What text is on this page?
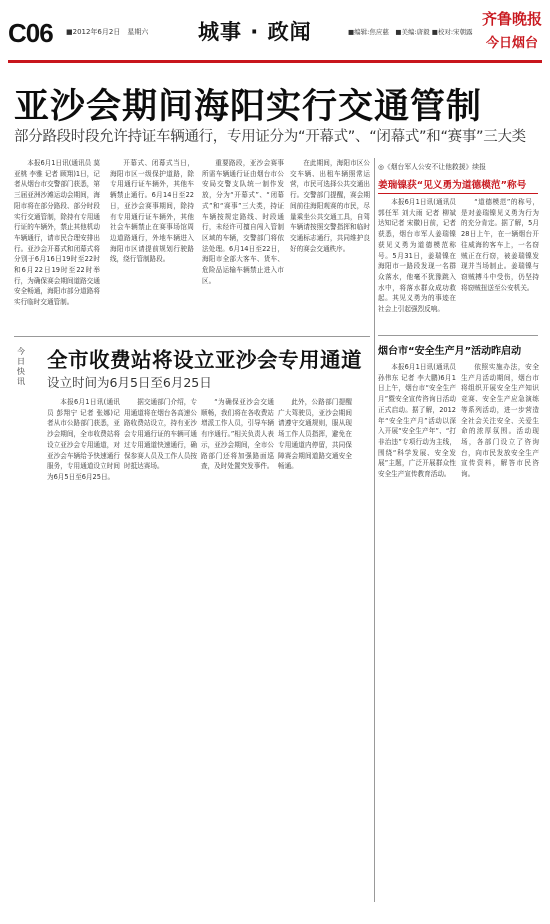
C06 ■2012年6月2日　星期六 城事 · 政闻	■编辑:焦应慈　■美编:唐毅 ■校对:宋朝露
齐鲁晚报
今日烟台
亚沙会期间海阳实行交通管制
部分路段时段允许持证车辆通行，专用证分为“开幕式”、“闭幕式”和“赛事”三大类

本报6月1日讯(通讯员 莫亚桃 李雅 记者 顾翔)1日，记者从烟台市交警部门获悉，第三届亚洲沙滩运动会期间，海阳市将在部分路段、部分时段实行交通管制，除持有专用通行证的车辆外，禁止其他机动车辆通行，请市民合理安排出行。亚沙会开幕式和闭幕式将分别于6月16日19时至22时和6月22日19时至22时举行，为确保赛会期间道路交通安全畅通，海阳市部分道路将实行临时交通管制。

开幕式、闭幕式当日，海阳市区一级保护道路，除专用通行证车辆外，其他车辆禁止通行。6月14日至22日，亚沙会赛事期间，除持有专用通行证车辆外，其他社会车辆禁止在赛事场馆周边道路通行，外地车辆进入海阳市区请提前规划行驶路线，绕行管制路段。

重要路段，亚沙会赛事所需车辆通行证由烟台市公安局交警支队统一制作发放，分为“开幕式”、“闭幕式”和“赛事”三大类，持证车辆按规定路线、时段通行，未经许可擅自闯入管制区域的车辆，交警部门将依法处理。6月14日至22日，海阳市全部大客车、货车、危险品运输车辆禁止进入市区。

在此期间，海阳市区公交车辆、出租车辆照常运营，市民可选择公共交通出行。交警部门提醒，赛会期间前往海阳观赛的市民，尽量乘坐公共交通工具，自驾车辆请按照交警指挥和临时交通标志通行，共同维护良好的赛会交通秩序。

◎《烟台军人公安不让他救援》续报
姜瑞镍获“见义勇为道德模范”称号

本报6月1日讯(通讯员 郭任军 刘大雨 记者 柳斌 达知记者 宋徽)日前，记者获悉，烟台市军人姜瑞镍获见义勇为道德模范称号。5月31日，姜瑞镍在海阳市一路段发现一名群众落水，他毫不犹豫跳入水中，将落水群众成功救起。其见义勇为的事迹在社会上引起强烈反响。

“道德模范”的称号，是对姜瑞镍见义勇为行为的充分肯定。据了解，5月28日上午，在一辆烟台开往威海的客车上，一名窃贼正在行窃，被姜瑞镍发现并当场制止。姜瑞镍与窃贼搏斗中受伤，仍坚持将窃贼扭送至公安机关。

烟台市“安全生产月”活动昨启动

本报6月1日讯(通讯员 孙伟东 记者 李大鹏)6月1日上午，烟台市“安全生产月”暨安全宣传咨询日活动正式启动。据了解，2012年“安全生产月”活动以深入开展“安全生产年”、“打非治违”专项行动为主线，围绕“科学发展、安全发展”主题，广泛开展群众性安全生产宣传教育活动。

依照实施办法，安全生产月活动期间，烟台市将组织开展安全生产知识竞赛、安全生产应急演练等系列活动，进一步营造全社会关注安全、关爱生命的浓厚氛围。活动现场，各部门设立了咨询台，向市民发放安全生产宣传资料，解答市民咨询。

今日快讯
全市收费站将设立亚沙会专用通道
设立时间为6月5日至6月25日

本报6月1日讯(通讯员 彭翔宁 记者 张娜)记者从市公路部门获悉，亚沙会期间，全市收费站将设立亚沙会专用通道，对亚沙会车辆给予快速通行服务，专用通道设立时间为6月5日至6月25日。

据交通部门介绍，专用通道将在烟台各高速公路收费站设立，持有亚沙会专用通行证的车辆可通过专用通道快速通行，确保参赛人员及工作人员按时抵达赛场。

“为确保亚沙会交通顺畅，我们将在各收费站增派工作人员，引导车辆有序通行。”相关负责人表示，亚沙会期间，全市公路部门还将加强路面巡查，及时处置突发事件。

此外，公路部门提醒广大驾驶员，亚沙会期间请遵守交通规则，服从现场工作人员指挥，避免在专用通道内停留，共同保障赛会期间道路交通安全畅通。
